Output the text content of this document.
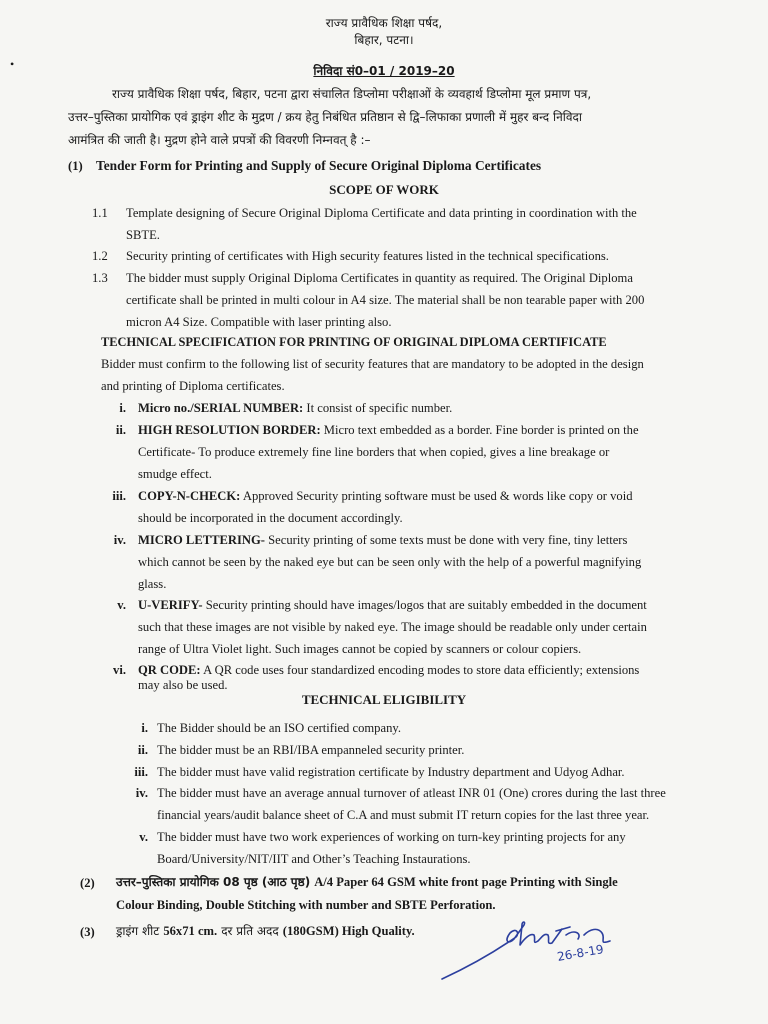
•
राज्य प्रावैधिक शिक्षा पर्षद,
बिहार, पटना।
निविदा सं0–01 / 2019–20
राज्य प्रावैधिक शिक्षा पर्षद, बिहार, पटना द्वारा संचालित डिप्लोमा परीक्षाओं के व्यवहार्थ डिप्लोमा मूल प्रमाण पत्र,
उत्तर–पुस्तिका प्रायोगिक एवं ड्राइंग शीट के मुद्रण / क्रय हेतु निबंधित प्रतिष्ठान से द्वि–लिफाका प्रणाली में मुहर बन्द निविदा
आमंत्रित की जाती है। मुद्रण होने वाले प्रपत्रों की विवरणी निम्नवत् है :–
(1) Tender Form for Printing and Supply of Secure Original Diploma Certificates
SCOPE OF WORK
1.1 Template designing of Secure Original Diploma Certificate and data printing in coordination with the
SBTE.
1.2 Security printing of certificates with High security features listed in the technical specifications.
1.3 The bidder must supply Original Diploma Certificates in quantity as required. The Original Diploma
certificate shall be printed in multi colour in A4 size. The material shall be non tearable paper with 200
micron A4 Size. Compatible with laser printing also.
TECHNICAL SPECIFICATION FOR PRINTING OF ORIGINAL DIPLOMA CERTIFICATE
Bidder must confirm to the following list of security features that are mandatory to be adopted in the design
and printing of Diploma certificates.
i. Micro no./SERIAL NUMBER: It consist of specific number.
ii. HIGH RESOLUTION BORDER: Micro text embedded as a border. Fine border is printed on the
Certificate- To produce extremely fine line borders that when copied, gives a line breakage or
smudge effect.
iii. COPY-N-CHECK: Approved Security printing software must be used & words like copy or void
should be incorporated in the document accordingly.
iv. MICRO LETTERING- Security printing of some texts must be done with very fine, tiny letters
which cannot be seen by the naked eye but can be seen only with the help of a powerful magnifying
glass.
v. U-VERIFY- Security printing should have images/logos that are suitably embedded in the document
such that these images are not visible by naked eye. The image should be readable only under certain
range of Ultra Violet light. Such images cannot be copied by scanners or colour copiers.
vi. QR CODE: A QR code uses four standardized encoding modes to store data efficiently; extensions
may also be used.
TECHNICAL ELIGIBILITY
i. The Bidder should be an ISO certified company.
ii. The bidder must be an RBI/IBA empanneled security printer.
iii. The bidder must have valid registration certificate by Industry department and Udyog Adhar.
iv. The bidder must have an average annual turnover of atleast INR 01 (One) crores during the last three
financial years/audit balance sheet of C.A and must submit IT return copies for the last three year.
v. The bidder must have two work experiences of working on turn-key printing projects for any
Board/University/NIT/IIT and Other’s Teaching Instaurations.
(2) उत्तर–पुस्तिका प्रायोगिक 08 पृष्ठ (आठ पृष्ठ) A/4 Paper 64 GSM white front page Printing with Single
Colour Binding, Double Stitching with number and SBTE Perforation.
(3) ड्राइंग शीट 56x71 cm. दर प्रति अदद (180GSM) High Quality.
26-8-19
